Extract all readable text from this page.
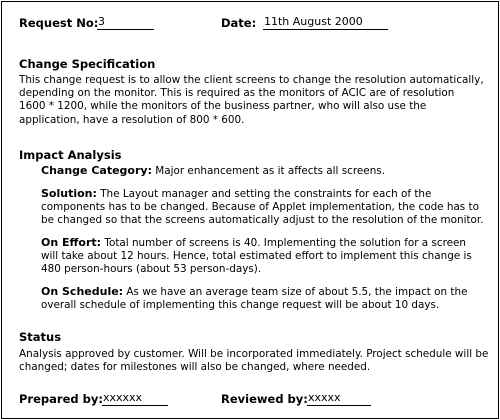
Request No: 3	Date: 11th August 2000
Change Specification
This change request is to allow the client screens to change the resolution automatically, depending on the monitor. This is required as the monitors of ACIC are of resolution 1600 * 1200, while the monitors of the business partner, who will also use the application, have a resolution of 800 * 600.
Impact Analysis
Change Category: Major enhancement as it affects all screens.
Solution: The Layout manager and setting the constraints for each of the components has to be changed. Because of Applet implementation, the code has to be changed so that the screens automatically adjust to the resolution of the monitor.
On Effort: Total number of screens is 40. Implementing the solution for a screen will take about 12 hours. Hence, total estimated effort to implement this change is 480 person-hours (about 53 person-days).
On Schedule: As we have an average team size of about 5.5, the impact on the overall schedule of implementing this change request will be about 10 days.
Status
Analysis approved by customer. Will be incorporated immediately. Project schedule will be changed; dates for milestones will also be changed, where needed.
Prepared by: xxxxxx	Reviewed by: xxxxx
